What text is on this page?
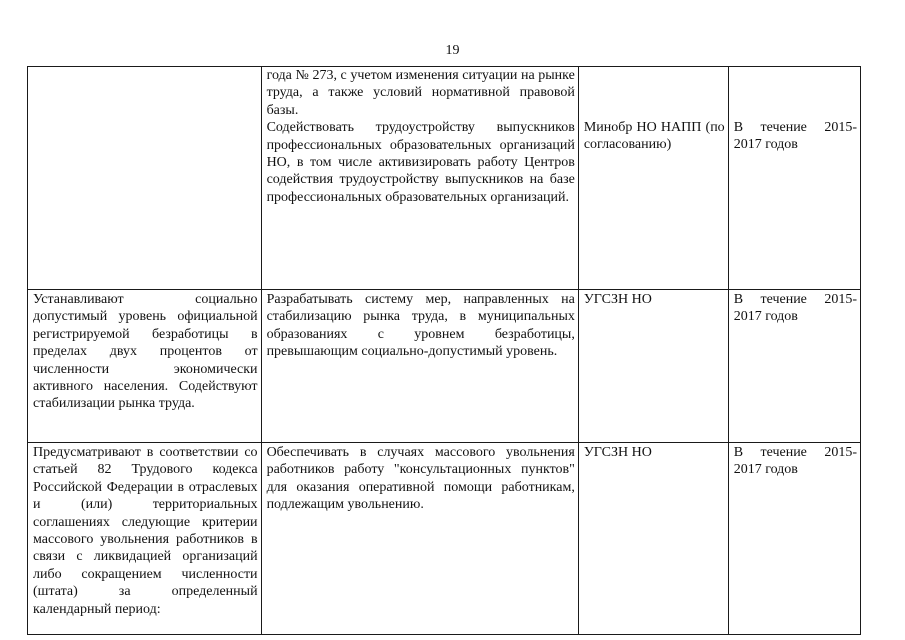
19

	года № 273, с учетом изменения ситуации на рынке труда, а также условий нормативной правовой базы.
Содействовать трудоустройству выпускников профессиональных образовательных организаций НО, в том числе активизировать работу Центров содействия трудоустройству выпускников на базе профессиональных образовательных организаций.	Минобр НО НАПП (по согласованию)	В течение 2015-2017 годов

Устанавливают социально допустимый уровень официальной регистрируемой безработицы в пределах двух процентов от численности экономически активного населения. Содействуют стабилизации рынка труда.	Разрабатывать систему мер, направленных на стабилизацию рынка труда, в муниципальных образованиях с уровнем безработицы, превышающим социально-допустимый уровень.	УГСЗН НО	В течение 2015-2017 годов

Предусматривают в соответствии со статьей 82 Трудового кодекса Российской Федерации в отраслевых и (или) территориальных соглашениях следующие критерии массового увольнения работников в связи с ликвидацией организаций либо сокращением численности (штата) за определенный календарный период:	Обеспечивать в случаях массового увольнения работников работу "консультационных пунктов" для оказания оперативной помощи работникам, подлежащим увольнению.	УГСЗН НО	В течение 2015-2017 годов
